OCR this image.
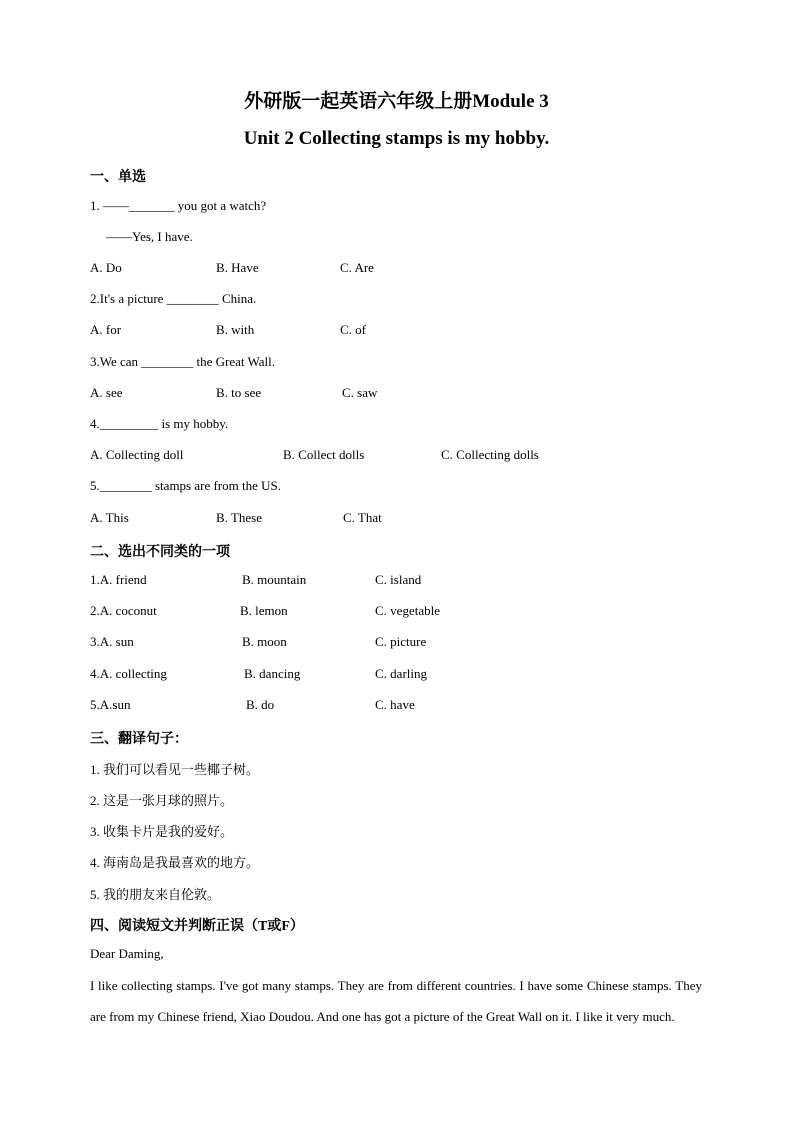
外研版一起英语六年级上册Module 3
Unit 2 Collecting stamps is my hobby.
一、单选
1. ——_______ you got a watch?
——Yes, I have.
A. Do	B. Have	C. Are
2.It's a picture ________ China.
A. for	B. with	C. of
3.We can ________ the Great Wall.
A. see	B. to see	C. saw
4._________ is my hobby.
A. Collecting doll	B. Collect dolls	C. Collecting dolls
5.________ stamps are from the US.
A. This	B. These	C. That
二、选出不同类的一项
1.A. friend	B. mountain	C. island
2.A. coconut	B. lemon	C. vegetable
3.A. sun	B. moon	C. picture
4.A. collecting	B. dancing	C. darling
5.A.sun	B. do	C. have
三、翻译句子：
1. 我们可以看见一些椰子树。
2. 这是一张月球的照片。
3. 收集卡片是我的爱好。
4. 海南岛是我最喜欢的地方。
5. 我的朋友来自伦敦。
四、阅读短文并判断正误（T或F）
Dear Daming,
I like collecting stamps. I've got many stamps. They are from different countries. I have some Chinese stamps. They are from my Chinese friend, Xiao Doudou. And one has got a picture of the Great Wall on it. I like it very much.
